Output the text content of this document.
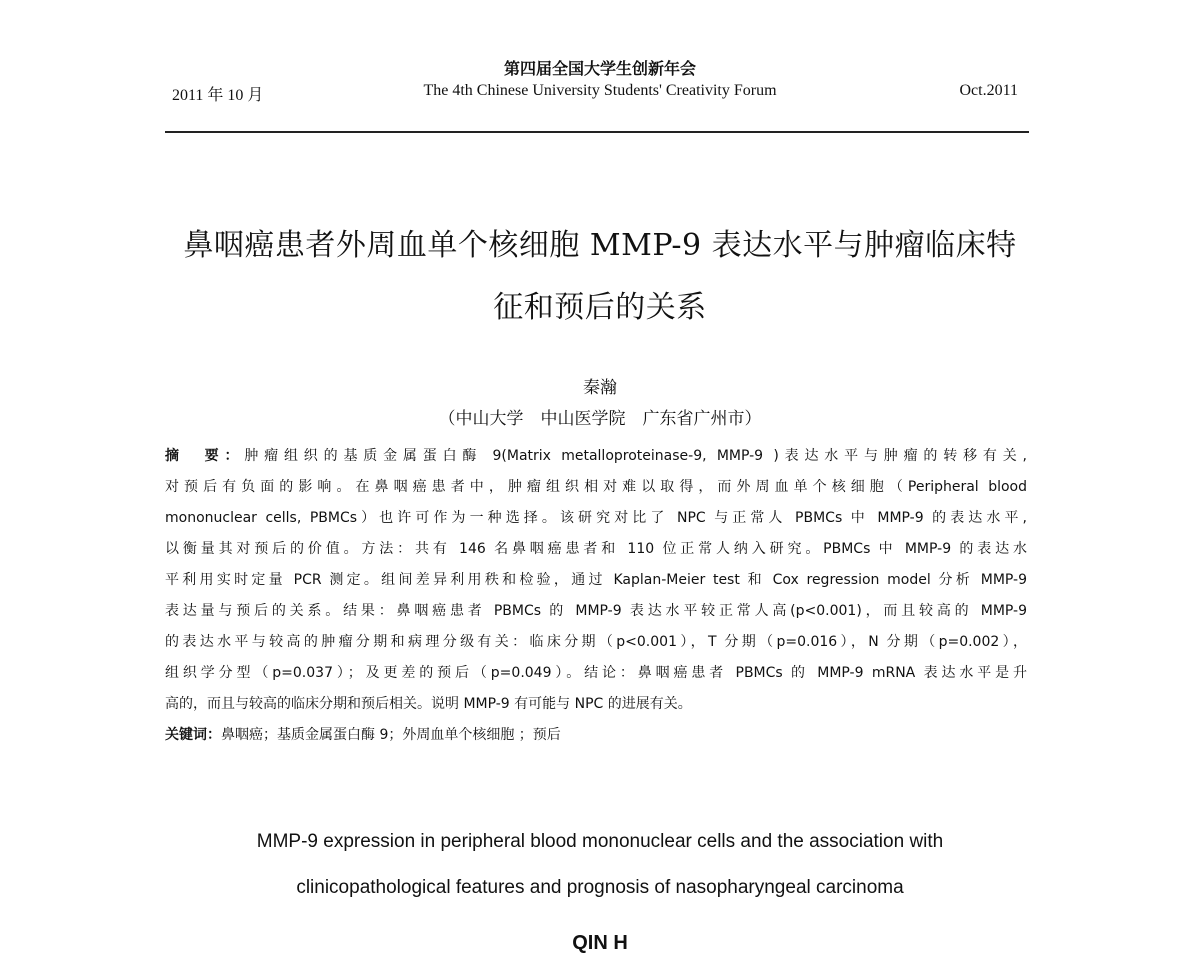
2011 年 10 月
第四届全国大学生创新年会
The 4th Chinese University Students' Creativity Forum	Oct.2011
鼻咽癌患者外周血单个核细胞 MMP-9 表达水平与肿瘤临床特
征和预后的关系
秦瀚
（中山大学　中山医学院　广东省广州市）
摘　要：肿瘤组织的基质金属蛋白酶 9(Matrix metalloproteinase-9, MMP-9 )表达水平与肿瘤的转移有关,
对预后有负面的影响。在鼻咽癌患者中，肿瘤组织相对难以取得，而外周血单个核细胞（Peripheral blood
mononuclear cells, PBMCs）也许可作为一种选择。该研究对比了 NPC 与正常人 PBMCs 中 MMP-9 的表达水平,
以衡量其对预后的价值。方法：共有 146 名鼻咽癌患者和 110 位正常人纳入研究。PBMCs 中 MMP-9 的表达水
平利用实时定量 PCR 测定。组间差异利用秩和检验，通过 Kaplan-Meier test 和 Cox regression model 分析 MMP-9
表达量与预后的关系。结果：鼻咽癌患者 PBMCs 的 MMP-9 表达水平较正常人高(p<0.001)，而且较高的 MMP-9
的表达水平与较高的肿瘤分期和病理分级有关：临床分期（p<0.001），T 分期（p=0.016），N 分期（p=0.002），
组织学分型（p=0.037）；及更差的预后（p=0.049）。结论：鼻咽癌患者 PBMCs 的 MMP-9 mRNA 表达水平是升
高的，而且与较高的临床分期和预后相关。说明 MMP-9 有可能与 NPC 的进展有关。
关键词：鼻咽癌；基质金属蛋白酶 9；外周血单个核细胞 ；预后
MMP-9 expression in peripheral blood mononuclear cells and the association with
clinicopathological features and prognosis of nasopharyngeal carcinoma
QIN H
